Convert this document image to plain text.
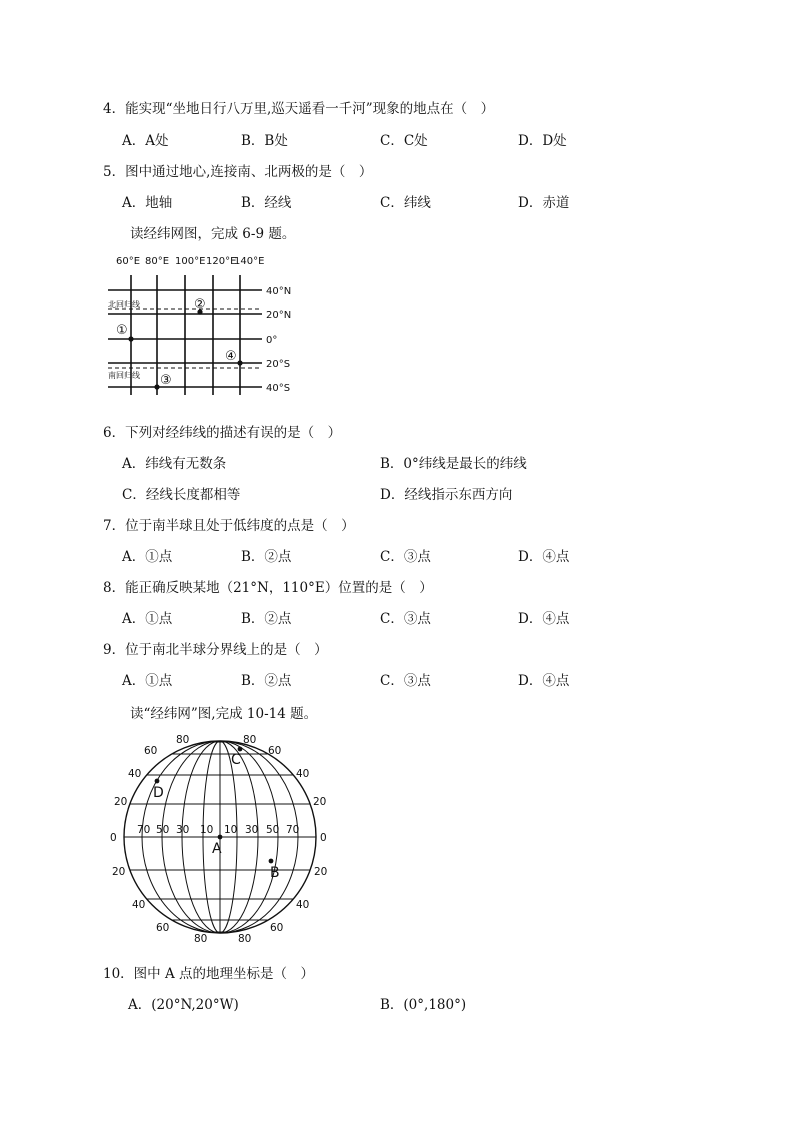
4．能实现“坐地日行八万里,巡天遥看一千河”现象的地点在（　）
A．A处	B．B处	C．C处	D．D处
5．图中通过地心,连接南、北两极的是（　）
A．地轴	B．经线	C．纬线	D．赤道
读经纬网图，完成 6-9 题。
60°E 80°E 100°E 120°E
140°E
北回归线
南回归线
40°N
20°N
0°
20°S
40°S
①
②
③
④
6．下列对经纬线的描述有误的是（　）
A．纬线有无数条	B．0°纬线是最长的纬线
C．经线长度都相等	D．经线指示东西方向
7．位于南半球且处于低纬度的点是（　）
A．①点	B．②点	C．③点	D．④点
8．能正确反映某地（21°N，110°E）位置的是（　）
A．①点	B．②点	C．③点	D．④点
9．位于南北半球分界线上的是（　）
A．①点	B．②点	C．③点	D．④点
读“经纬网”图,完成 10-14 题。
80	80
80	80
60
40
20
0
20
40
60
60
40
20
0
20
40
60
70 50 30 10 10 30 50 70
A
B
C
D
10．图中 A 点的地理坐标是（　）
A．(20°N,20°W)	B．(0°,180°)
